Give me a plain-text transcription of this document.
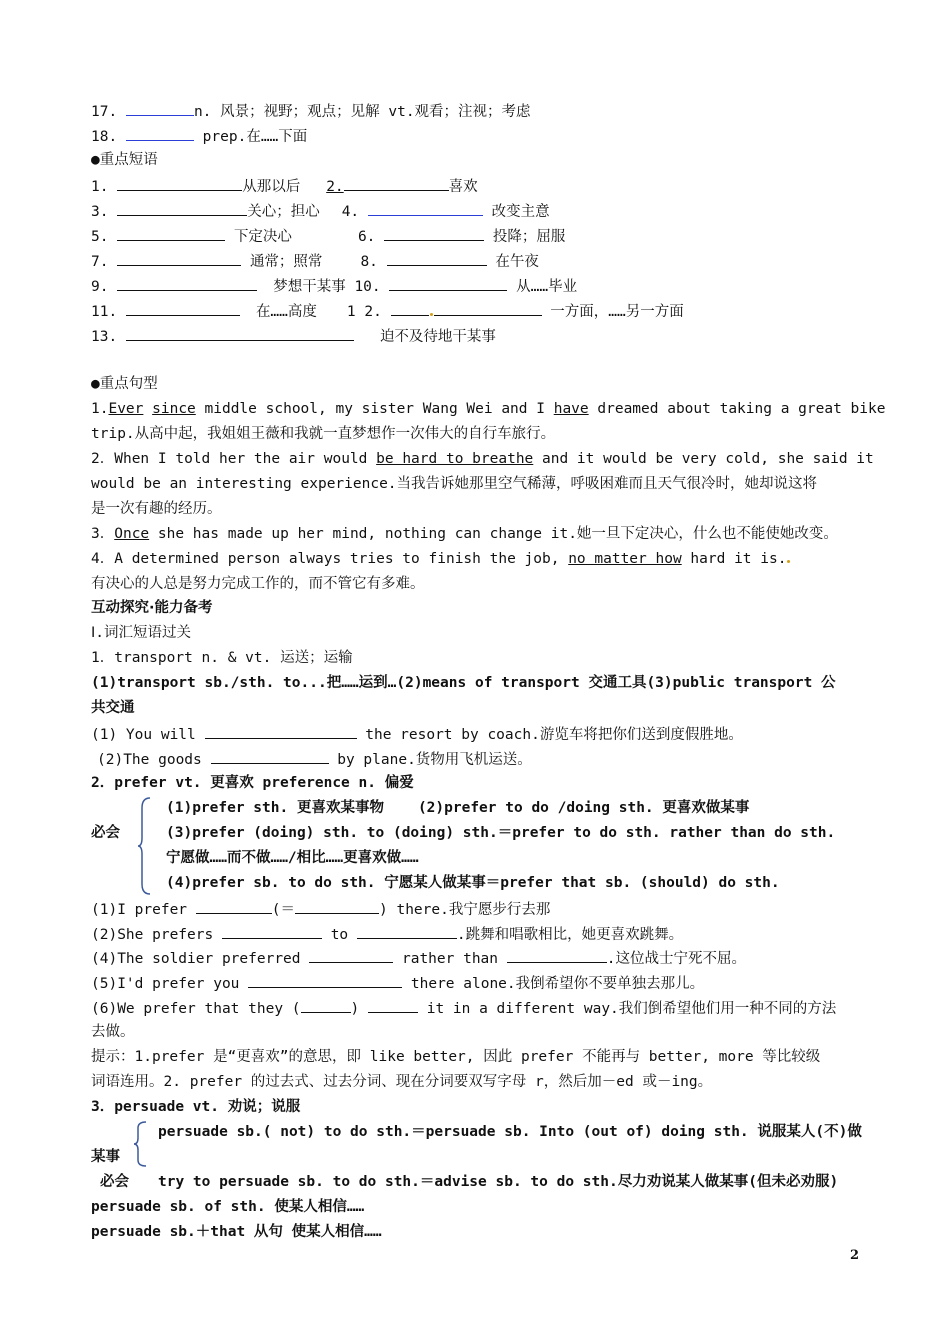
17.	n. 风景；视野；观点；见解 vt.观看；注视；考虑
18.	prep.在……下面
●重点短语
1.	从那以后 2.	喜欢
3.	关心；担心 4.	改变主意
5.	下定决心	6.	投降；屈服
7.	通常；照常	8.	在午夜
9.	梦想干某事 10.	从……毕业
11.	在……高度 1 2.	一方面，……另一方面
13.	迫不及待地干某事
●重点句型
1.Ever since middle school, my sister Wang Wei and I have dreamed about taking a great bike
trip.从高中起，我姐姐王薇和我就一直梦想作一次伟大的自行车旅行。
2．When I told her the air would be hard to breathe and it would be very cold, she said it
would be an interesting experience.当我告诉她那里空气稀薄，呼吸困难而且天气很冷时，她却说这将
是一次有趣的经历。
3．Once she has made up her mind, nothing can change it.她一旦下定决心，什么也不能使她改变。
4．A determined person always tries to finish the job, no matter how hard it is.
有决心的人总是努力完成工作的，而不管它有多难。
互动探究·能力备考
Ⅰ.词汇短语过关
1．transport n. & vt. 运送；运输
(1)transport sb./sth. to...把……运到…(2)means of transport 交通工具(3)public transport 公
共交通
(1) You will	the resort by coach.游览车将把你们送到度假胜地。
(2)The goods	by plane.货物用飞机运送。
2．prefer vt. 更喜欢 preference n. 偏爱
(1)prefer sth. 更喜欢某事物 (2)prefer to do /doing sth. 更喜欢做某事
必会	(3)prefer (doing) sth. to (doing) sth.＝prefer to do sth. rather than do sth.
宁愿做……而不做……/相比……更喜欢做……
(4)prefer sb. to do sth. 宁愿某人做某事＝prefer that sb. (should) do sth.
(1)I prefer	(＝	) there.我宁愿步行去那
(2)She prefers	to	.跳舞和唱歌相比，她更喜欢跳舞。
(4)The soldier preferred	rather than	.这位战士宁死不屈。
(5)I'd prefer you	there alone.我倒希望你不要单独去那儿。
(6)We prefer that they (	)	it in a different way.我们倒希望他们用一种不同的方法
去做。
提示：1.prefer 是“更喜欢”的意思，即 like better, 因此 prefer 不能再与 better, more 等比较级
词语连用。2. prefer 的过去式、过去分词、现在分词要双写字母 r，然后加－ed 或－ing。
3．persuade vt. 劝说；说服
persuade sb.( not) to do sth.＝persuade sb. Into (out of) doing sth. 说服某人(不)做
某事
必会	try to persuade sb. to do sth.＝advise sb. to do sth.尽力劝说某人做某事(但未必劝服)
persuade sb. of sth. 使某人相信……
persuade sb.＋that 从句 使某人相信……
2
